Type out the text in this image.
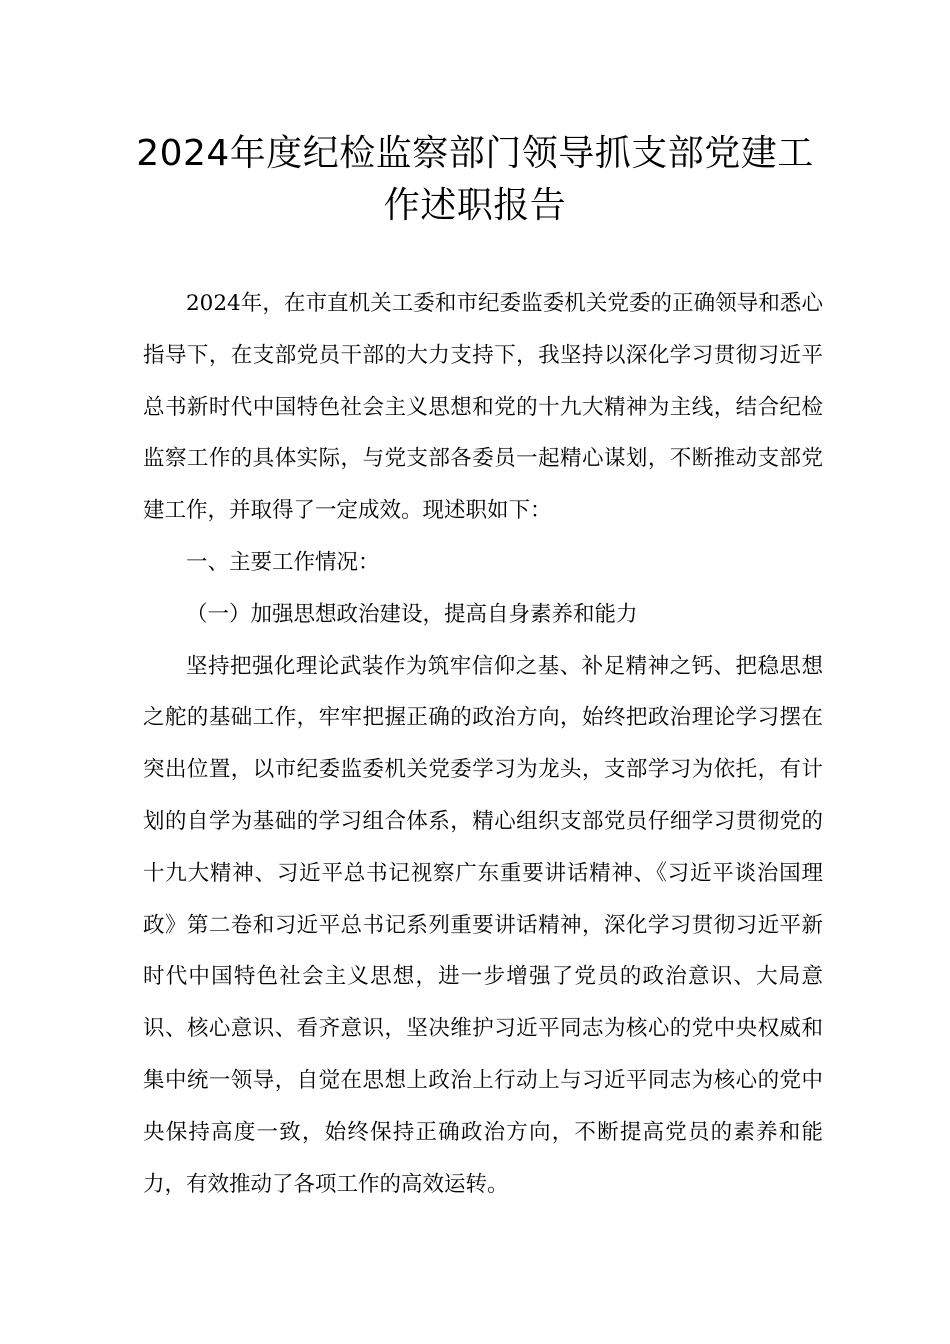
2024年度纪检监察部门领导抓支部党建工作述职报告

2024年，在市直机关工委和市纪委监委机关党委的正确领导和悉心指导下，在支部党员干部的大力支持下，我坚持以深化学习贯彻习近平总书新时代中国特色社会主义思想和党的十九大精神为主线，结合纪检监察工作的具体实际，与党支部各委员一起精心谋划，不断推动支部党建工作，并取得了一定成效。现述职如下：

一、主要工作情况：

（一）加强思想政治建设，提高自身素养和能力

坚持把强化理论武装作为筑牢信仰之基、补足精神之钙、把稳思想之舵的基础工作，牢牢把握正确的政治方向，始终把政治理论学习摆在突出位置，以市纪委监委机关党委学习为龙头，支部学习为依托，有计划的自学为基础的学习组合体系，精心组织支部党员仔细学习贯彻党的十九大精神、习近平总书记视察广东重要讲话精神、《习近平谈治国理政》第二卷和习近平总书记系列重要讲话精神，深化学习贯彻习近平新时代中国特色社会主义思想，进一步增强了党员的政治意识、大局意识、核心意识、看齐意识，坚决维护习近平同志为核心的党中央权威和集中统一领导，自觉在思想上政治上行动上与习近平同志为核心的党中央保持高度一致，始终保持正确政治方向，不断提高党员的素养和能力，有效推动了各项工作的高效运转。
